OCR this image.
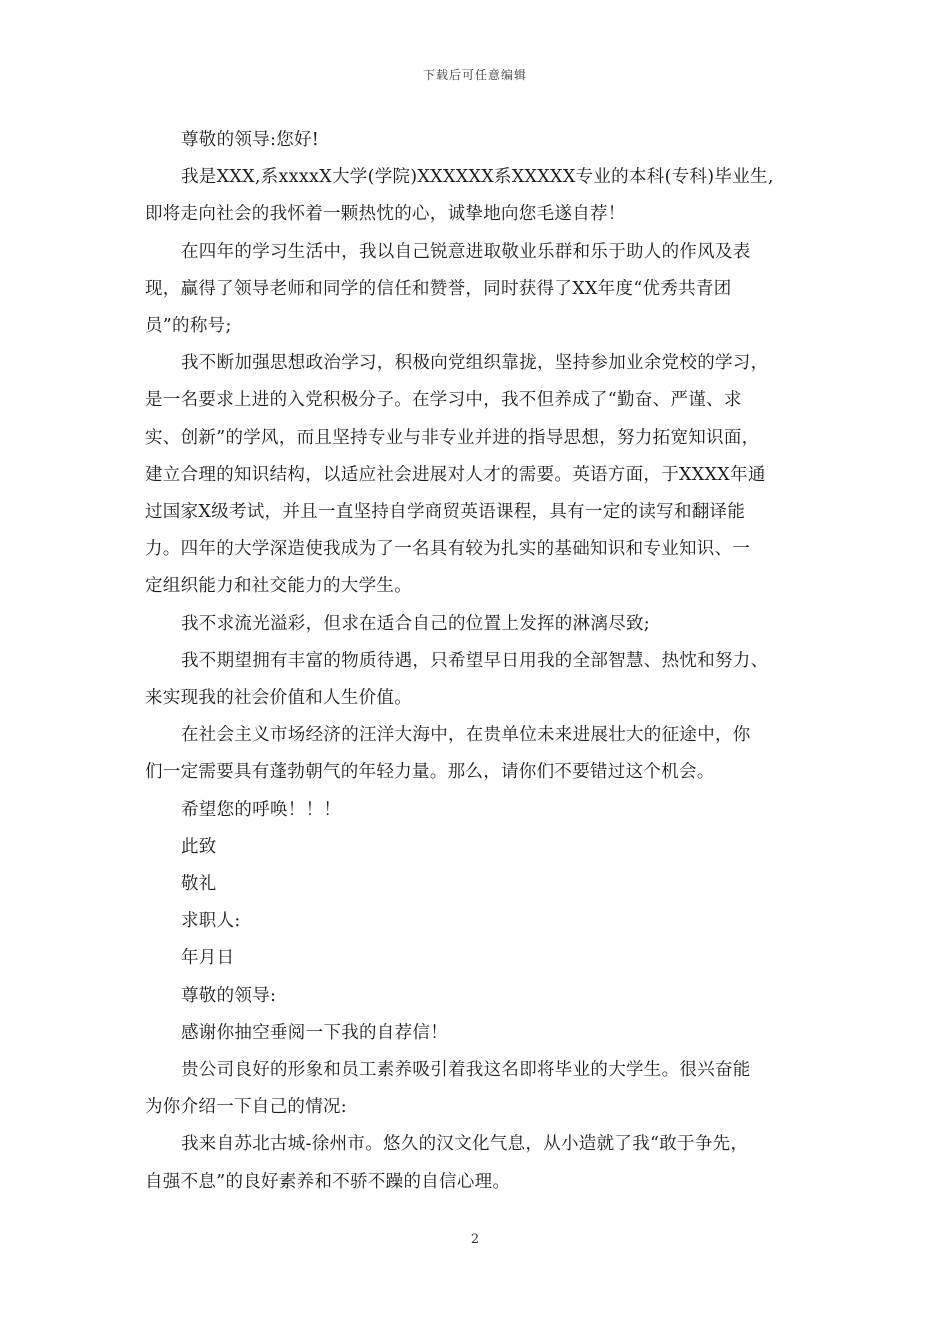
下载后可任意编辑

尊敬的领导:您好!

我是XXX,系xxxxX大学(学院)XXXXXX系XXXXX专业的本科(专科)毕业生,

即将走向社会的我怀着一颗热忱的心，诚挚地向您毛遂自荐！

在四年的学习生活中，我以自己锐意进取敬业乐群和乐于助人的作风及表

现，赢得了领导老师和同学的信任和赞誉，同时获得了XX年度“优秀共青团

员”的称号;

我不断加强思想政治学习，积极向党组织靠拢，坚持参加业余党校的学习，

是一名要求上进的入党积极分子。在学习中，我不但养成了“勤奋、严谨、求

实、创新”的学风，而且坚持专业与非专业并进的指导思想，努力拓宽知识面，

建立合理的知识结构，以适应社会进展对人才的需要。英语方面，于XXXX年通

过国家X级考试，并且一直坚持自学商贸英语课程，具有一定的读写和翻译能

力。四年的大学深造使我成为了一名具有较为扎实的基础知识和专业知识、一

定组织能力和社交能力的大学生。

我不求流光溢彩，但求在适合自己的位置上发挥的淋漓尽致;

我不期望拥有丰富的物质待遇，只希望早日用我的全部智慧、热忱和努力、

来实现我的社会价值和人生价值。

在社会主义市场经济的汪洋大海中，在贵单位未来进展壮大的征途中，你

们一定需要具有蓬勃朝气的年轻力量。那么，请你们不要错过这个机会。

希望您的呼唤！！！

此致

敬礼

求职人:

年月日

尊敬的领导:

感谢你抽空垂阅一下我的自荐信！

贵公司良好的形象和员工素养吸引着我这名即将毕业的大学生。很兴奋能

为你介绍一下自己的情况:

我来自苏北古城-徐州市。悠久的汉文化气息，从小造就了我“敢于争先，

自强不息”的良好素养和不骄不躁的自信心理。

2
